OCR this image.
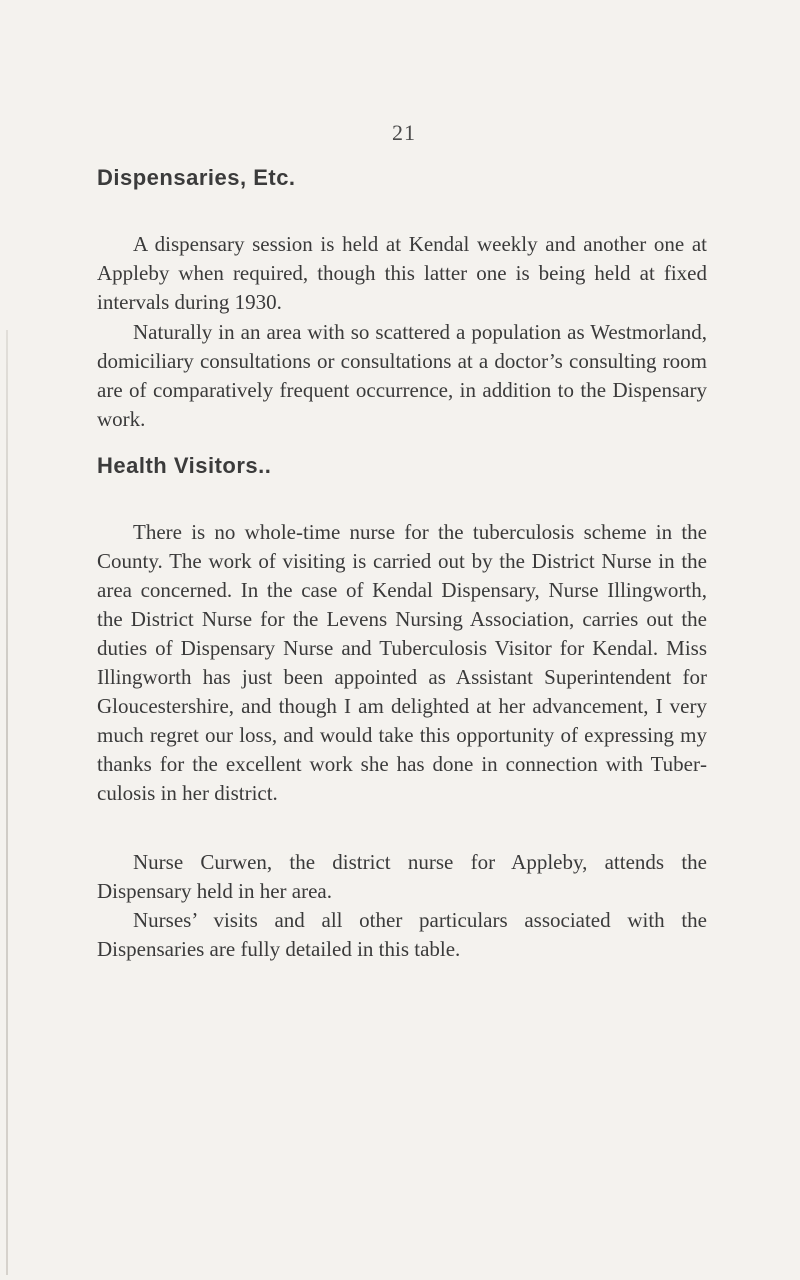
21
Dispensaries, Etc.

A dispensary session is held at Kendal weekly and another one at Appleby when required, though this latter one is being held at fixed intervals during 1930.

Naturally in an area with so scattered a population as Westmorland, domiciliary consultations or consultations at a doctor’s consulting room are of comparatively frequent occurrence, in addition to the Dispensary work.

Health Visitors..

There is no whole-time nurse for the tuberculosis scheme in the County. The work of visiting is carried out by the District Nurse in the area concerned. In the case of Kendal Dispensary, Nurse Illingworth, the District Nurse for the Levens Nursing Association, carries out the duties of Dispensary Nurse and Tuberculosis Visitor for Kendal. Miss Illingworth has just been appointed as Assistant Superintendent for Gloucestershire, and though I am delighted at her advancement, I very much regret our loss, and would take this opportunity of expressing my thanks for the excellent work she has done in connection with Tuberculosis in her district.

Nurse Curwen, the district nurse for Appleby, attends the Dispensary held in her area.

Nurses’ visits and all other particulars associated with the Dispensaries are fully detailed in this table.
